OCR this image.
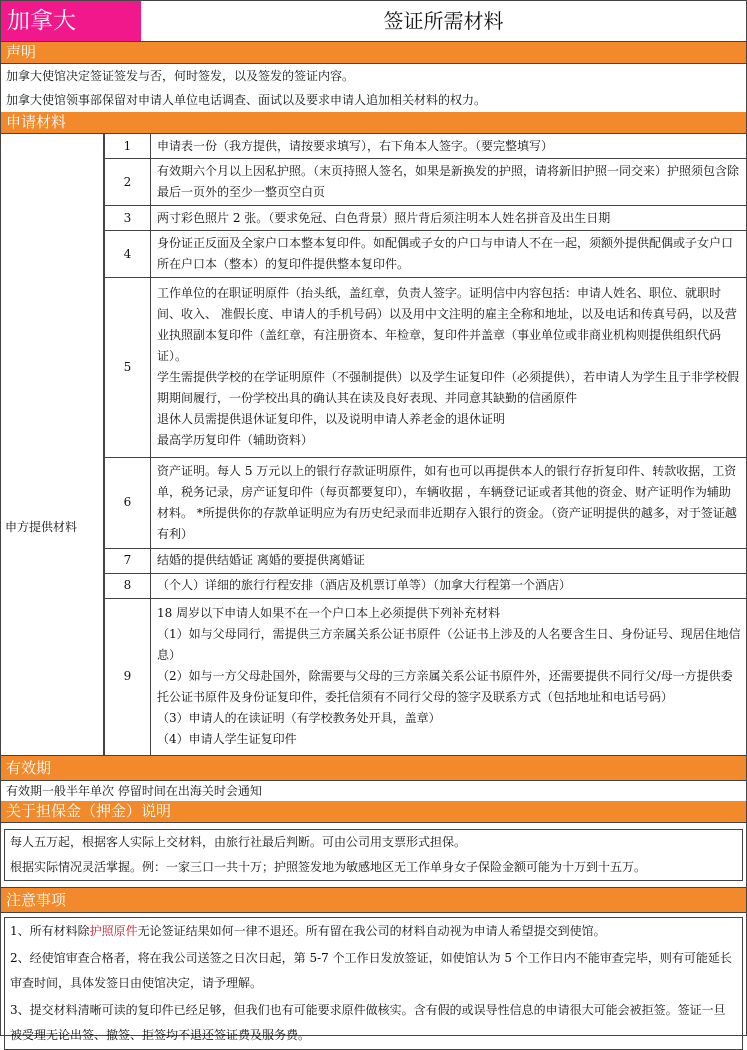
加拿大	签证所需材料
声明
加拿大使馆决定签证签发与否，何时签发，以及签发的签证内容。
加拿大使馆领事部保留对申请人单位电话调查、面试以及要求申请人追加相关材料的权力。
申请材料
申方提供材料
1	申请表一份（我方提供，请按要求填写），右下角本人签字。（要完整填写）

2	有效期六个月以上因私护照。（末页持照人签名，如果是新换发的护照，请将新旧护照一同交来）护照须包含除最后一页外的至少一整页空白页

3	两寸彩色照片 2 张。（要求免冠、白色背景）照片背后须注明本人姓名拼音及出生日期

4	身份证正反面及全家户口本整本复印件。如配偶或子女的户口与申请人不在一起，须额外提供配偶或子女户口所在户口本（整本）的复印件提供整本复印件。

5	工作单位的在职证明原件（抬头纸，盖红章，负责人签字。证明信中内容包括：申请人姓名、职位、就职时间、收入、 准假长度、申请人的手机号码）以及用中文注明的雇主全称和地址，以及电话和传真号码，以及营业执照副本复印件（盖红章，有注册资本、年检章，复印件并盖章（事业单位或非商业机构则提供组织代码证）。
学生需提供学校的在学证明原件（不强制提供）以及学生证复印件（必须提供），若申请人为学生且于非学校假期期间履行，一份学校出具的确认其在读及良好表现、并同意其缺勤的信函原件
退休人员需提供退休证复印件，以及说明申请人养老金的退休证明
最高学历复印件（辅助资料）

6	资产证明。每人 5 万元以上的银行存款证明原件，如有也可以再提供本人的银行存折复印件、转款收据，工资单，税务记录，房产证复印件（每页都要复印），车辆收据 ，车辆登记证或者其他的资金、财产证明作为辅助材料。 *所提供你的存款单证明应为有历史纪录而非近期存入银行的资金。（资产证明提供的越多，对于签证越有利）

7	结婚的提供结婚证 离婚的要提供离婚证

8	（个人）详细的旅行行程安排（酒店及机票订单等）（加拿大行程第一个酒店）

9	18 周岁以下申请人如果不在一个户口本上必须提供下列补充材料
（1）如与父母同行，需提供三方亲属关系公证书原件（公证书上涉及的人名要含生日、身份证号、现居住地信息）
（2）如与一方父母赴国外，除需要与父母的三方亲属关系公证书原件外，还需要提供不同行父/母一方提供委托公证书原件及身份证复印件，委托信须有不同行父母的签字及联系方式（包括地址和电话号码）
（3）申请人的在读证明（有学校教务处开具，盖章）
（4）申请人学生证复印件
有效期
有效期一般半年单次 停留时间在出海关时会通知
关于担保金（押金）说明
每人五万起，根据客人实际上交材料，由旅行社最后判断。可由公司用支票形式担保。
根据实际情况灵活掌握。例：一家三口一共十万；护照签发地为敏感地区无工作单身女子保险金额可能为十万到十五万。
注意事项
1、所有材料除护照原件无论签证结果如何一律不退还。所有留在我公司的材料自动视为申请人希望提交到使馆。
2、经使馆审查合格者，将在我公司送签之日次日起，第 5-7 个工作日发放签证，如使馆认为 5 个工作日内不能审查完毕，则有可能延长审查时间，具体发签日由使馆决定，请予理解。
3、提交材料清晰可读的复印件已经足够，但我们也有可能要求原件做核实。含有假的或误导性信息的申请很大可能会被拒签。签证一旦被受理无论出签、撤签、拒签均不退还签证费及服务费。
